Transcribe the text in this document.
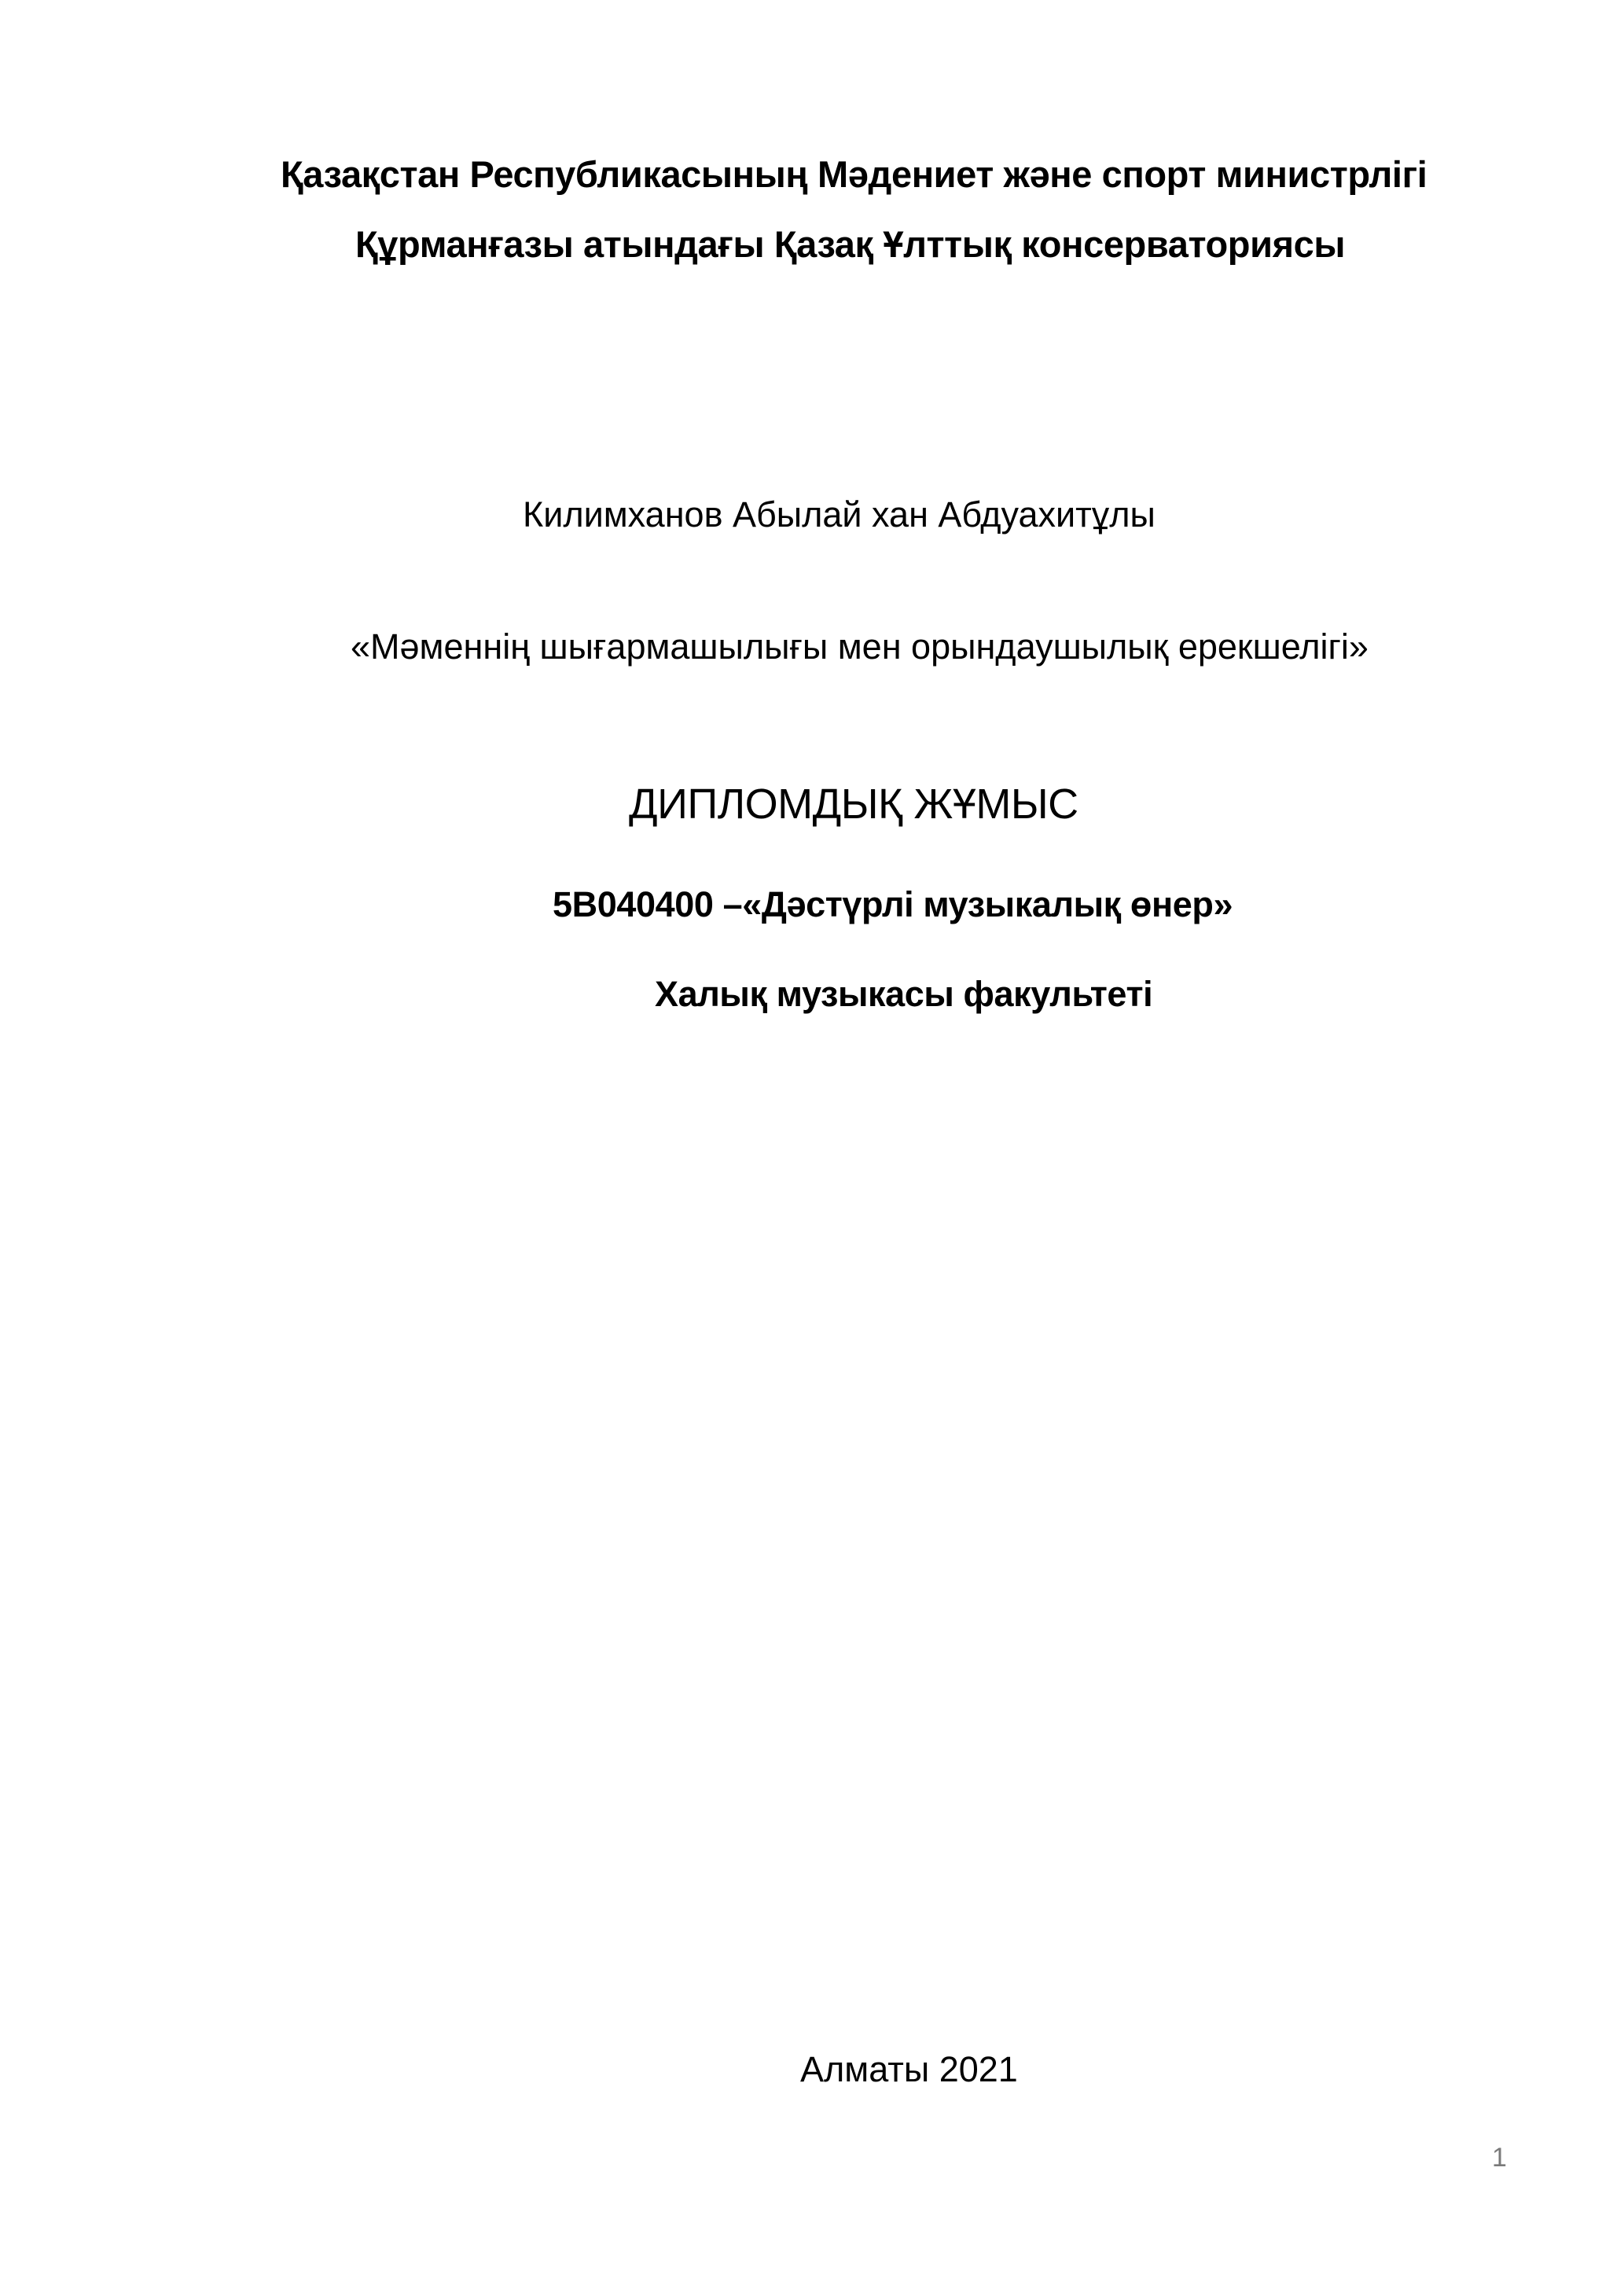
Қазақстан Республикасының Мәдениет және спорт министрлігі
Құрманғазы атындағы Қазақ Ұлттық консерваториясы
Килимханов Абылай хан Абдуахитұлы
«Мәменнің шығармашылығы мен орындаушылық ерекшелігі»
ДИПЛОМДЫҚ ЖҰМЫС
5B040400 –«Дәстүрлі музыкалық өнер»
Халық музыкасы факультеті
Алматы 2021
1
